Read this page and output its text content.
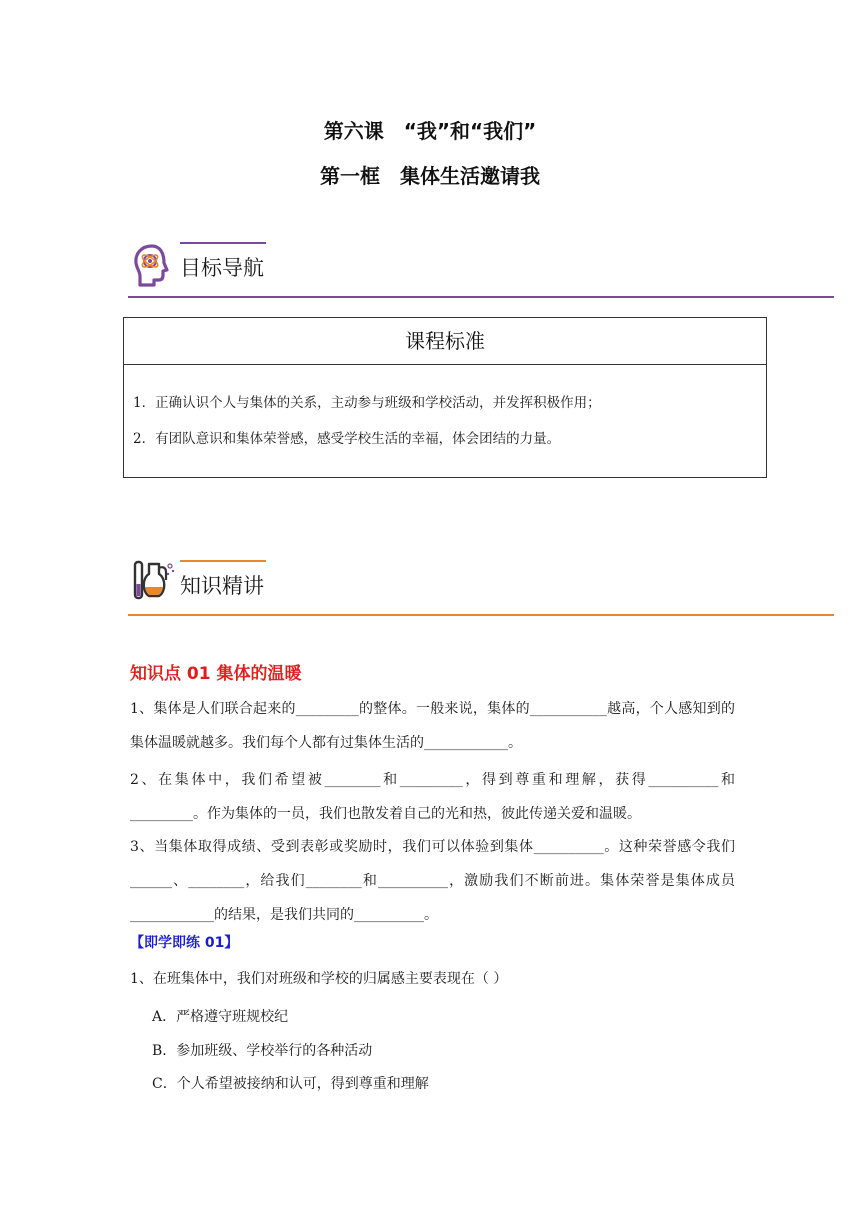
第六课　“我”和“我们”
第一框　集体生活邀请我
目标导航
课程标准
1．正确认识个人与集体的关系，主动参与班级和学校活动，并发挥积极作用；
2．有团队意识和集体荣誉感，感受学校生活的幸福，体会团结的力量。
知识精讲
知识点 01 集体的温暖
1、集体是人们联合起来的_________的整体。一般来说，集体的___________越高，个人感知到的集体温暖就越多。我们每个人都有过集体生活的____________。
2、在集体中，我们希望被________和_________，得到尊重和理解，获得__________和_________。作为集体的一员，我们也散发着自己的光和热，彼此传递关爱和温暖。
3、当集体取得成绩、受到表彰或奖励时，我们可以体验到集体__________。这种荣誉感令我们______、________，给我们________和__________，激励我们不断前进。集体荣誉是集体成员____________的结果，是我们共同的__________。
【即学即练 01】
1、在班集体中，我们对班级和学校的归属感主要表现在（ ）
A．严格遵守班规校纪
B．参加班级、学校举行的各种活动
C．个人希望被接纳和认可，得到尊重和理解
